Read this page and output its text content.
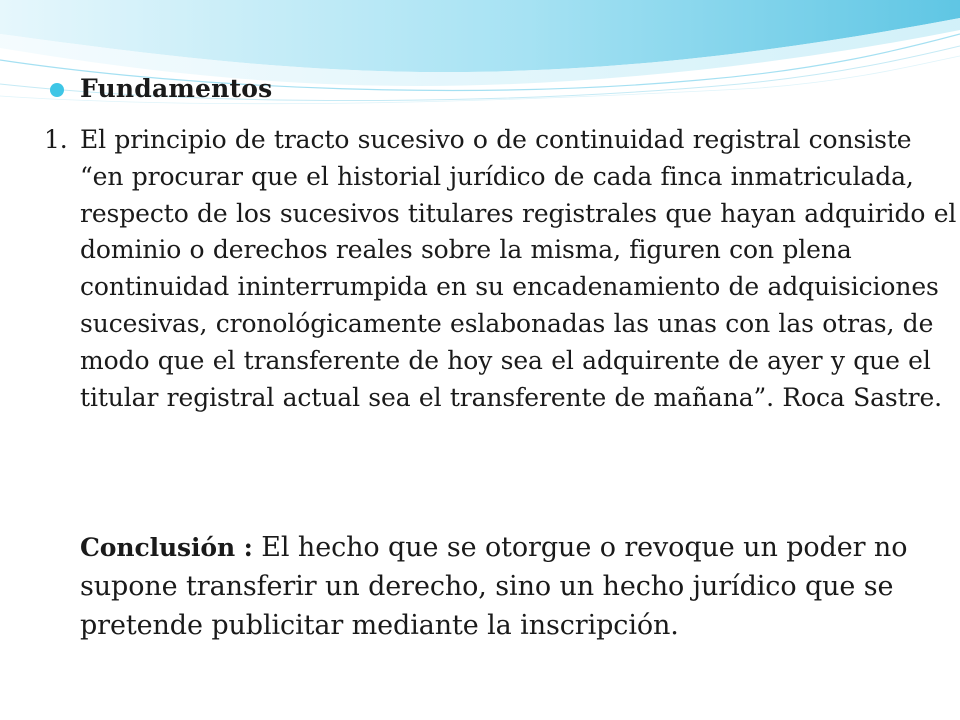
Fundamentos
1. El principio de tracto sucesivo o de continuidad registral consiste “en procurar que el historial jurídico de cada finca inmatriculada, respecto de los sucesivos titulares registrales que hayan adquirido el dominio o derechos reales sobre la misma, figuren con plena continuidad ininterrumpida en su encadenamiento de adquisiciones sucesivas, cronológicamente eslabonadas las unas con las otras, de modo que el transferente de hoy sea el adquirente de ayer y que el titular registral actual sea el transferente de mañana”. Roca Sastre.
Conclusión : El hecho que se otorgue o revoque un poder no supone transferir un derecho, sino un hecho jurídico que se pretende publicitar mediante la inscripción.
